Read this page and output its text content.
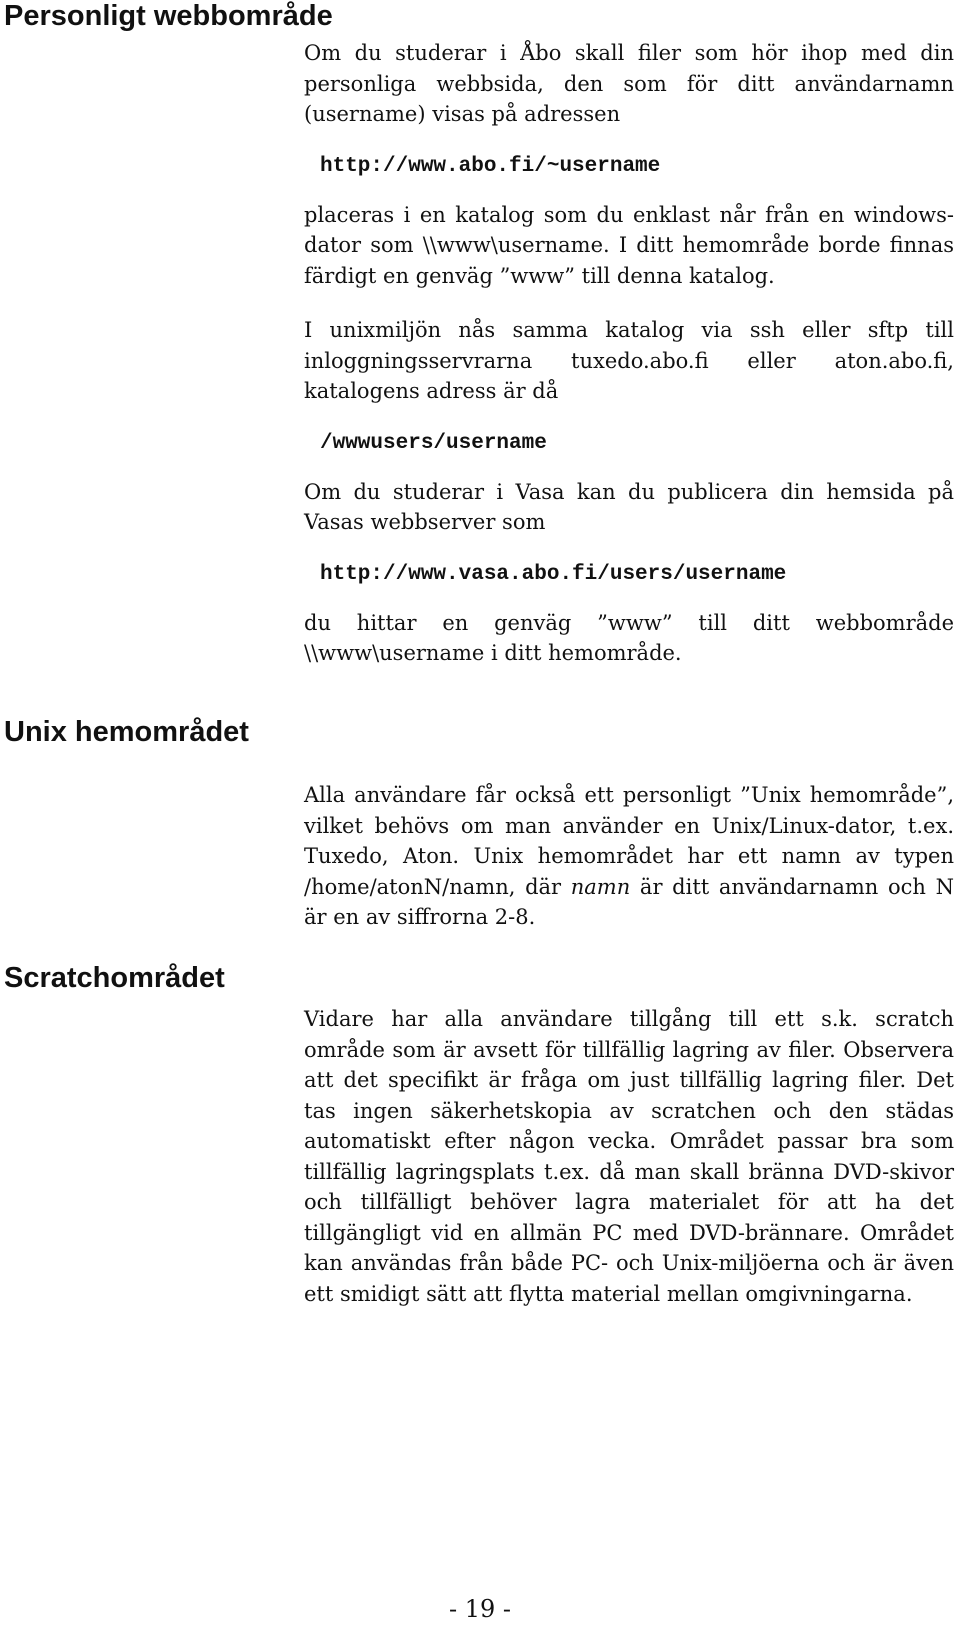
Personligt webbområde

Om du studerar i Åbo skall filer som hör ihop med din personliga webbsida, den som för ditt användarnamn (username) visas på adressen

http://www.abo.fi/~username

placeras i en katalog som du enklast når från en windows-dator som \\www\username. I ditt hemområde borde finnas färdigt en genväg ”www” till denna katalog.

I unixmiljön nås samma katalog via ssh eller sftp till inloggningsservrarna tuxedo.abo.fi eller aton.abo.fi, katalogens adress är då

/wwwusers/username

Om du studerar i Vasa kan du publicera din hemsida på Vasas webbserver som

http://www.vasa.abo.fi/users/username

du hittar en genväg ”www” till ditt webbområde \\www\username i ditt hemområde.

Unix hemområdet

Alla användare får också ett personligt ”Unix hemområde”, vilket behövs om man använder en Unix/Linux-dator, t.ex. Tuxedo, Aton. Unix hemområdet har ett namn av typen /home/atonN/namn, där namn är ditt användarnamn och N är en av siffrorna 2-8.

Scratchområdet

Vidare har alla användare tillgång till ett s.k. scratch område som är avsett för tillfällig lagring av filer. Observera att det specifikt är fråga om just tillfällig lagring filer. Det tas ingen säkerhetskopia av scratchen och den städas automatiskt efter någon vecka. Området passar bra som tillfällig lagringsplats t.ex. då man skall bränna DVD-skivor och tillfälligt behöver lagra materialet för att ha det tillgängligt vid en allmän PC med DVD-brännare. Området kan användas från både PC- och Unix-miljöerna och är även ett smidigt sätt att flytta material mellan omgivningarna.

- 19 -
